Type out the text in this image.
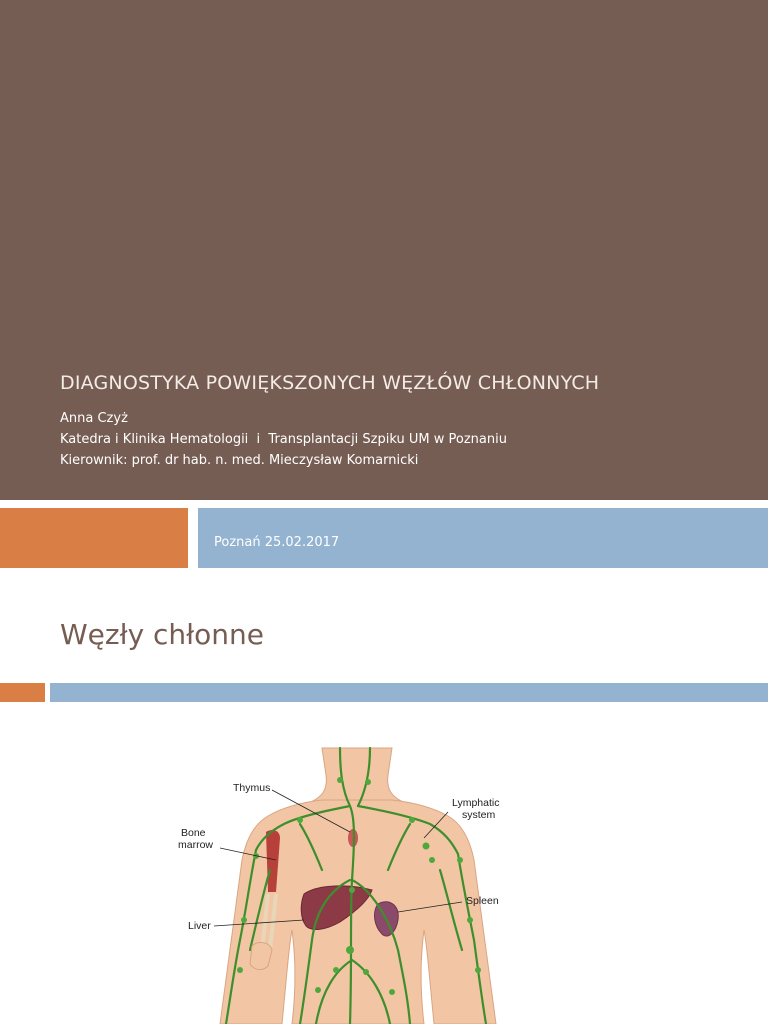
DIAGNOSTYKA POWIĘKSZONYCH WĘZŁÓW CHŁONNYCH
Anna Czyż
Katedra i Klinika Hematologii  i  Transplantacji Szpiku UM w Poznaniu
Kierownik: prof. dr hab. n. med. Mieczysław Komarnicki
Poznań 25.02.2017
Węzły chłonne
Thymus
Lymphatic
system
Bone
marrow
Spleen
Liver
